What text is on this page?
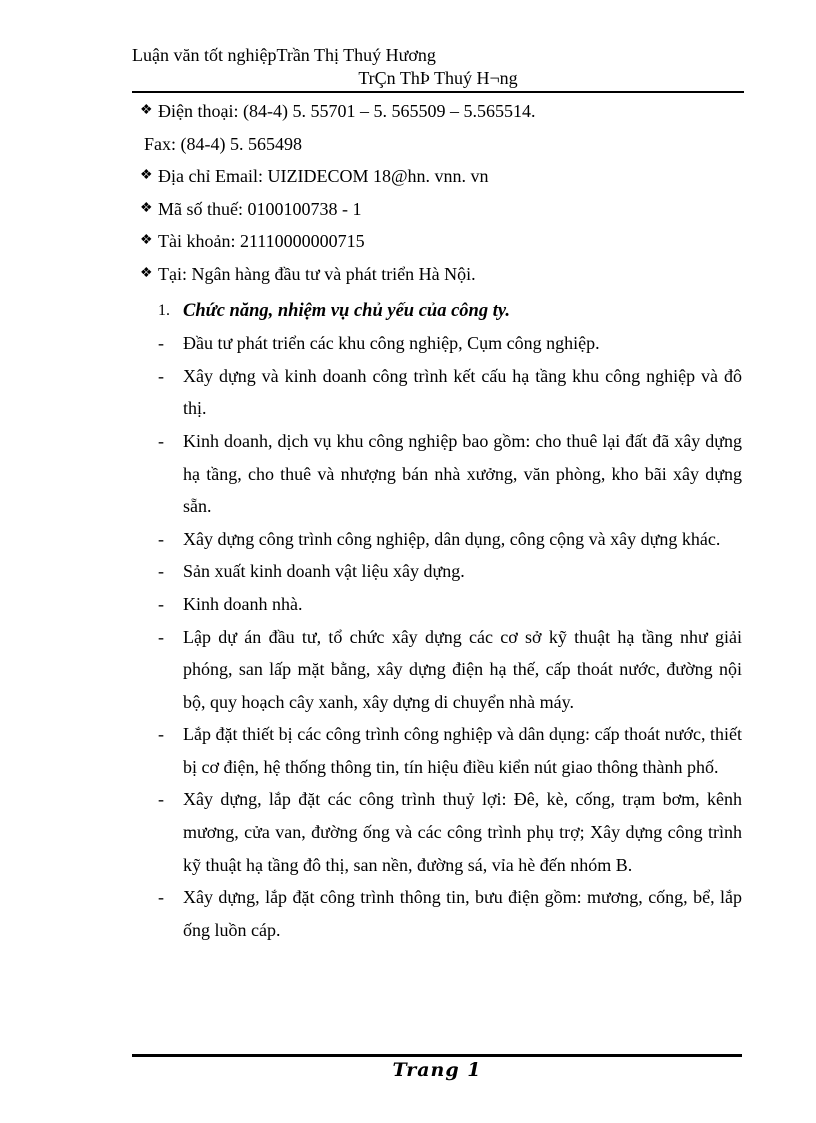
Luận văn tốt nghiệpTrần Thị Thuý Hương
TrÇn ThÞ Thuý H¬ng
❖ Điện thoại: (84-4) 5. 55701 – 5. 565509 – 5.565514.
Fax: (84-4) 5. 565498
❖ Địa chỉ Email: UIZIDECOM 18@hn. vnn. vn
❖ Mã số thuế: 0100100738 - 1
❖ Tài khoản: 21110000000715
❖ Tại: Ngân hàng đầu tư và phát triển Hà Nội.
1. Chức năng, nhiệm vụ chủ yếu của công ty.
-	Đầu tư phát triển các khu công nghiệp, Cụm công nghiệp.
-	Xây dựng và kinh doanh công trình kết cấu hạ tầng khu công nghiệp và đô thị.
-	Kinh doanh, dịch vụ khu công nghiệp bao gồm: cho thuê lại đất đã xây dựng hạ tầng, cho thuê và nhượng bán nhà xưởng, văn phòng, kho bãi xây dựng sẵn.
-	Xây dựng công trình công nghiệp, dân dụng, công cộng và xây dựng khác.
-	Sản xuất kinh doanh vật liệu xây dựng.
-	Kinh doanh nhà.
-	Lập dự án đầu tư, tổ chức xây dựng các cơ sở kỹ thuật hạ tầng như giải phóng, san lấp mặt bằng, xây dựng điện hạ thế, cấp thoát nước, đường nội bộ, quy hoạch cây xanh, xây dựng di chuyển nhà máy.
-	Lắp đặt thiết bị các công trình công nghiệp và dân dụng: cấp thoát nước, thiết bị cơ điện, hệ thống thông tin, tín hiệu điều kiển nút giao thông thành phố.
-	Xây dựng, lắp đặt các công trình thuỷ lợi: Đê, kè, cống, trạm bơm, kênh mương, cửa van, đường ống và các công trình phụ trợ; Xây dựng công trình kỹ thuật hạ tầng đô thị, san nền, đường sá, vỉa hè đến nhóm B.
-	Xây dựng, lắp đặt công trình thông tin, bưu điện gồm: mương, cống, bể, lắp ống luồn cáp.
Trang 1
